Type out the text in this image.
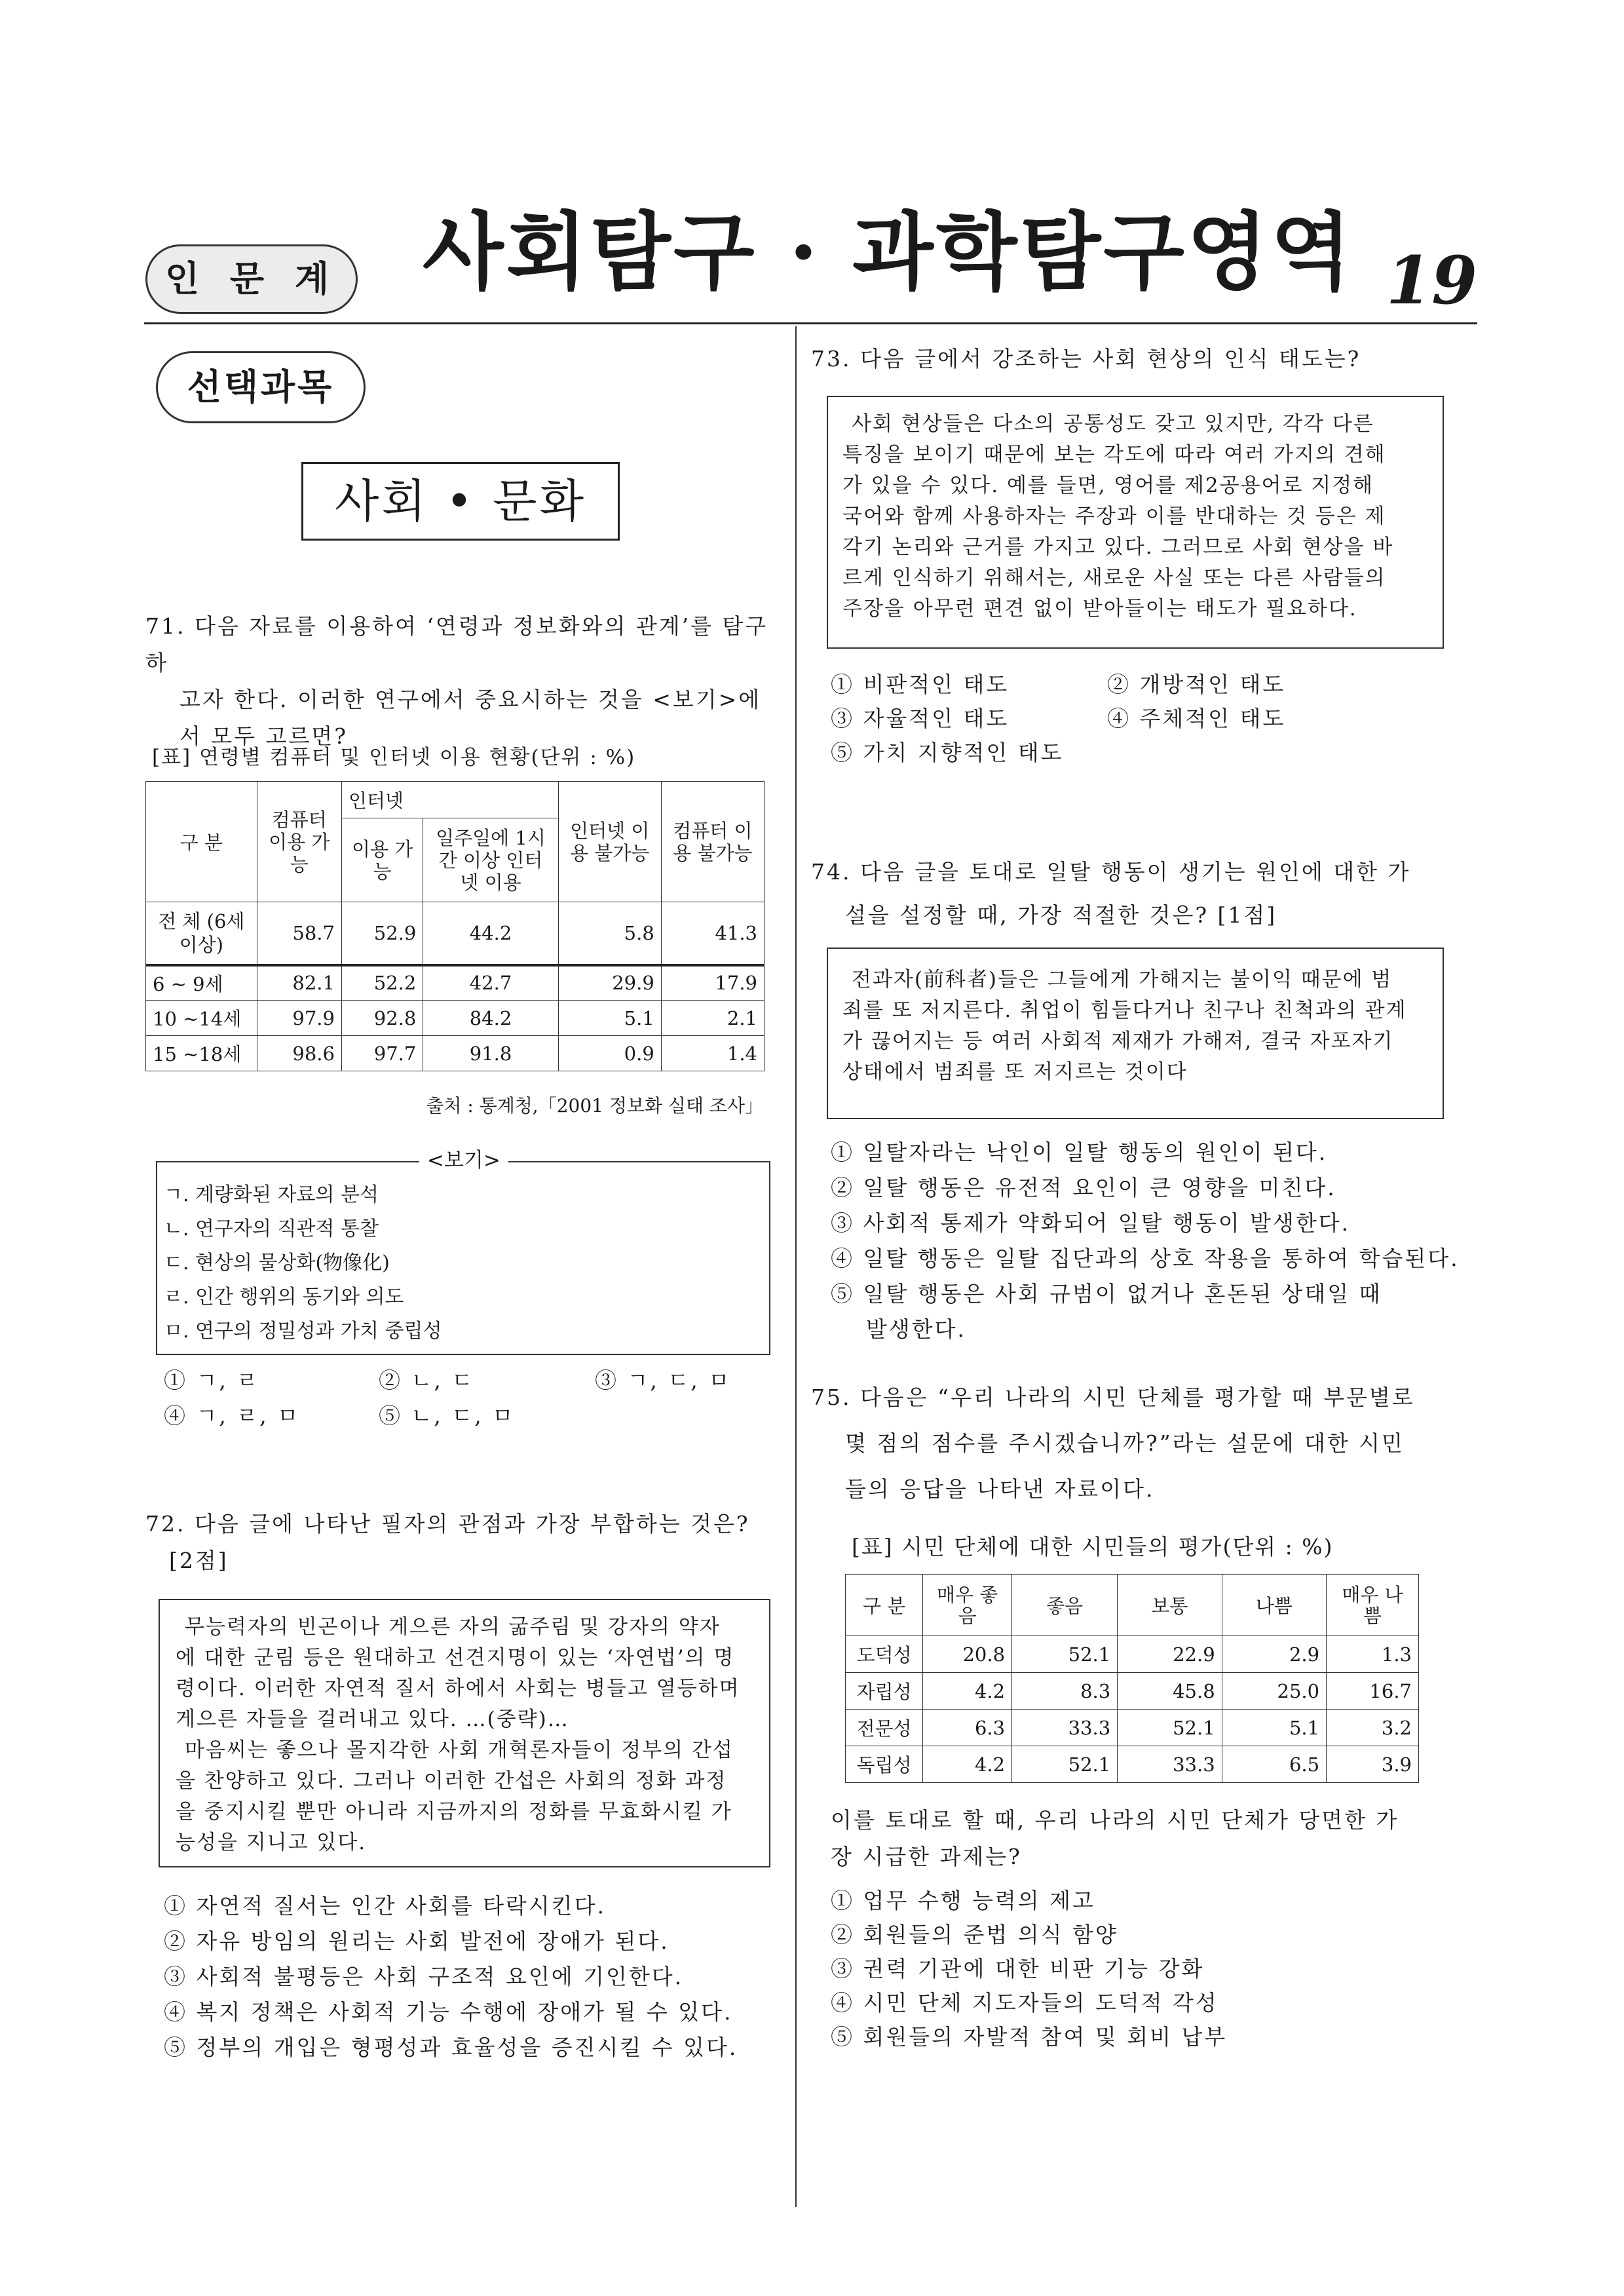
인 문 계 사회탐구 · 과학탐구영역 19
선택과목
사회 • 문화
71. 다음 자료를 이용하여 ‘연령과 정보화와의 관계’를 탐구하
고자 한다. 이러한 연구에서 중요시하는 것을 <보기>에
서 모두 고르면?
[표] 연령별 컴퓨터 및 인터넷 이용 현황(단위 : %)
구 분	컴퓨터 이용 가능	인터넷		인터넷 이용 불가능	컴퓨터 이용 불가능
		이용 가능	일주일에 1시간 이상 인터넷 이용		
전 체 (6세 이상)	58.7	52.9	44.2	5.8	41.3
6 ~ 9세	82.1	52.2	42.7	29.9	17.9
10 ~14세	97.9	92.8	84.2	5.1	2.1
15 ~18세	98.6	97.7	91.8	0.9	1.4
출처 : 통계청,「2001 정보화 실태 조사」
<보기>
ㄱ. 계량화된 자료의 분석
ㄴ. 연구자의 직관적 통찰
ㄷ. 현상의 물상화(物像化)
ㄹ. 인간 행위의 동기와 의도
ㅁ. 연구의 정밀성과 가치 중립성
① ㄱ, ㄹ	② ㄴ, ㄷ	③ ㄱ, ㄷ, ㅁ
④ ㄱ, ㄹ, ㅁ	⑤ ㄴ, ㄷ, ㅁ
72. 다음 글에 나타난 필자의 관점과 가장 부합하는 것은?
[2점]
무능력자의 빈곤이나 게으른 자의 굶주림 및 강자의 약자
에 대한 군림 등은 원대하고 선견지명이 있는 ‘자연법’의 명
령이다. 이러한 자연적 질서 하에서 사회는 병들고 열등하며
게으른 자들을 걸러내고 있다. …(중략)…
마음씨는 좋으나 몰지각한 사회 개혁론자들이 정부의 간섭
을 찬양하고 있다. 그러나 이러한 간섭은 사회의 정화 과정
을 중지시킬 뿐만 아니라 지금까지의 정화를 무효화시킬 가
능성을 지니고 있다.
① 자연적 질서는 인간 사회를 타락시킨다.
② 자유 방임의 원리는 사회 발전에 장애가 된다.
③ 사회적 불평등은 사회 구조적 요인에 기인한다.
④ 복지 정책은 사회적 기능 수행에 장애가 될 수 있다.
⑤ 정부의 개입은 형평성과 효율성을 증진시킬 수 있다.
73. 다음 글에서 강조하는 사회 현상의 인식 태도는?
사회 현상들은 다소의 공통성도 갖고 있지만, 각각 다른
특징을 보이기 때문에 보는 각도에 따라 여러 가지의 견해
가 있을 수 있다. 예를 들면, 영어를 제2공용어로 지정해
국어와 함께 사용하자는 주장과 이를 반대하는 것 등은 제
각기 논리와 근거를 가지고 있다. 그러므로 사회 현상을 바
르게 인식하기 위해서는, 새로운 사실 또는 다른 사람들의
주장을 아무런 편견 없이 받아들이는 태도가 필요하다.
① 비판적인 태도	② 개방적인 태도
③ 자율적인 태도	④ 주체적인 태도
⑤ 가치 지향적인 태도
74. 다음 글을 토대로 일탈 행동이 생기는 원인에 대한 가
설을 설정할 때, 가장 적절한 것은? [1점]
전과자(前科者)들은 그들에게 가해지는 불이익 때문에 범
죄를 또 저지른다. 취업이 힘들다거나 친구나 친척과의 관계
가 끊어지는 등 여러 사회적 제재가 가해져, 결국 자포자기
상태에서 범죄를 또 저지르는 것이다
① 일탈자라는 낙인이 일탈 행동의 원인이 된다.
② 일탈 행동은 유전적 요인이 큰 영향을 미친다.
③ 사회적 통제가 약화되어 일탈 행동이 발생한다.
④ 일탈 행동은 일탈 집단과의 상호 작용을 통하여 학습된다.
⑤ 일탈 행동은 사회 규범이 없거나 혼돈된 상태일 때
발생한다.
75. 다음은 “우리 나라의 시민 단체를 평가할 때 부문별로
몇 점의 점수를 주시겠습니까?”라는 설문에 대한 시민
들의 응답을 나타낸 자료이다.
[표] 시민 단체에 대한 시민들의 평가(단위 : %)
구 분	매우 좋음	좋음	보통	나쁨	매우 나쁨
도덕성	20.8	52.1	22.9	2.9	1.3
자립성	4.2	8.3	45.8	25.0	16.7
전문성	6.3	33.3	52.1	5.1	3.2
독립성	4.2	52.1	33.3	6.5	3.9
이를 토대로 할 때, 우리 나라의 시민 단체가 당면한 가
장 시급한 과제는?
① 업무 수행 능력의 제고
② 회원들의 준법 의식 함양
③ 권력 기관에 대한 비판 기능 강화
④ 시민 단체 지도자들의 도덕적 각성
⑤ 회원들의 자발적 참여 및 회비 납부
